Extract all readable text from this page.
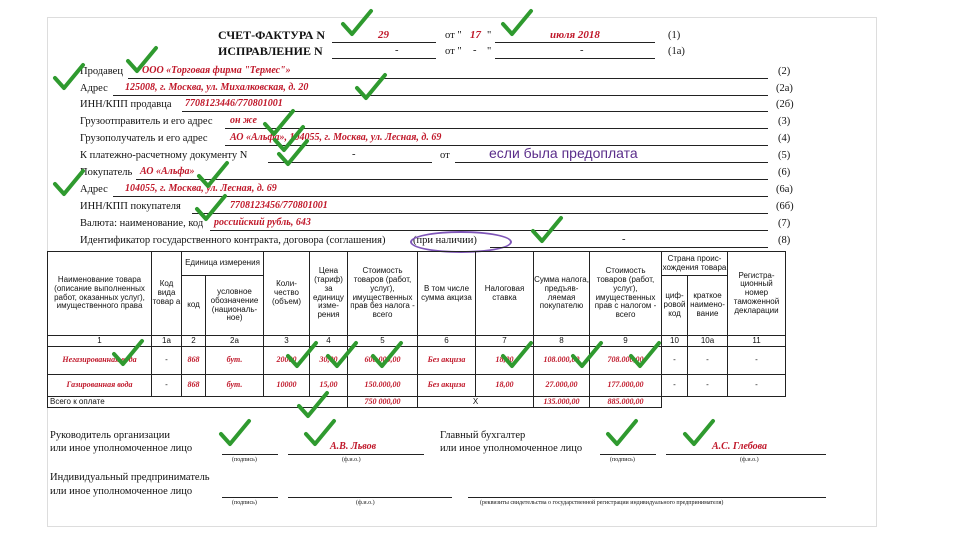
СЧЕТ-ФАКТУРА N	29	от " 17 "	июля 2018	(1)
ИСПРАВЛЕНИЕ N	-	от " - "	-	(1а)
Продавец ООО «Торговая фирма "Термес"»	(2)
Адрес 125008, г. Москва, ул. Михалковская, д. 20	(2а)
ИНН/КПП продавца 7708123446/770801001	(2б)
Грузоотправитель и его адрес он же	(3)
Грузополучатель и его адрес АО «Альфа», 104055, г. Москва, ул. Лесная, д. 69	(4)
К платежно-расчетному документу N	-	от	(5)
если была предоплата
Покупатель АО «Альфа»	(6)
Адрес 104055, г. Москва, ул. Лесная, д. 69	(6а)
ИНН/КПП покупателя	7708123456/770801001	(6б)
Валюта: наименование, код российский рубль, 643	(7)
Идентификатор государственного контракта, договора (соглашения)	(при наличии)	-	(8)
Наименование товара (описание выполненных работ, оказанных услуг), имущественного права	Код вида товар а	Единица измерения		Коли-чество (объем)	Цена (тариф) за единицу изме-рения	Стоимость товаров (работ, услуг), имущественных прав без налога - всего	В том числе сумма акциза	Налоговая ставка	Сумма налога, предъяв-ляемая покупателю	Стоимость товаров (работ, услуг), имущественных прав с налогом - всего	Страна проис-хождения товара		Регистра-ционный номер таможенной декларации
		код	условное обозначение (националь-ное)								циф-ровой код	краткое наимено-вание	
1	1а	2	2а	3	4	5	6	7	8	9	10	10а	11
Негазированная вода	-	868	бут.	20000	30,00	600.000,00	Без акциза	18,00	108.000,00	708.000,00	-	-	-
Газированная вода	-	868	бут.	10000	15,00	150.000,00	Без акциза	18,00	27.000,00	177.000,00	-	-	-
Всего к оплате						750 000,00	X		135.000,00	885.000,00			
Руководитель организации
или иное уполномоченное лицо
(подпись)
А.В. Львов
(ф.и.о.)
Главный бухгалтер
или иное уполномоченное лицо
(подпись)
А.С. Глебова
(ф.и.о.)
Индивидуальный предприниматель
или иное уполномоченное лицо
(подпись)	(ф.и.о.)	(реквизиты свидетельства о государственной регистрации индивидуального предпринимателя)
